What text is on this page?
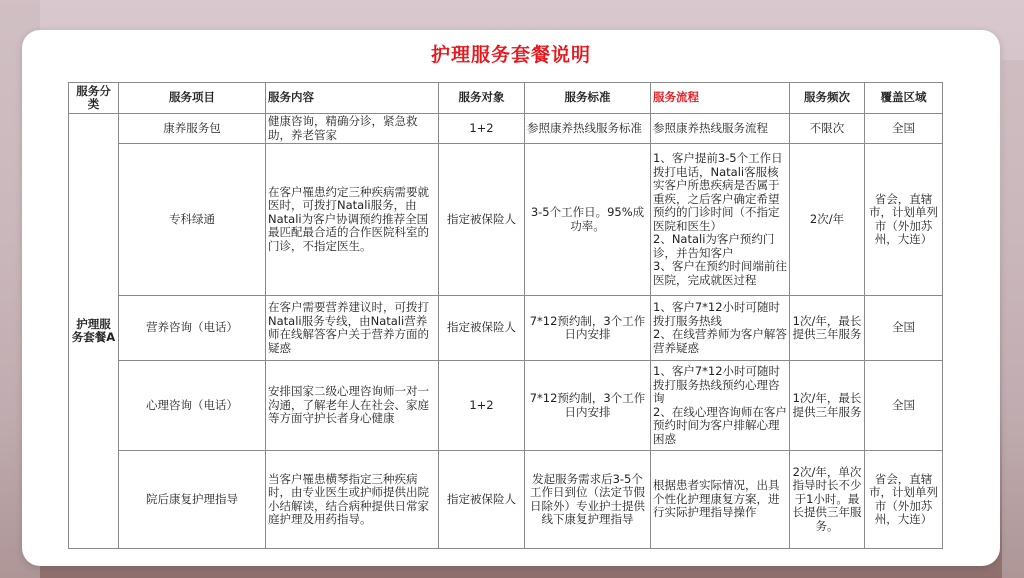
护理服务套餐说明
服务分类	服务项目	服务内容	服务对象	服务标准	服务流程	服务频次	覆盖区域
护理服务套餐A	康养服务包	健康咨询，精确分诊，紧急救助，养老管家	1+2	参照康养热线服务标准	参照康养热线服务流程	不限次	全国
	专科绿通	在客户罹患约定三种疾病需要就医时，可拨打Natali服务，由Natali为客户协调预约推荐全国最匹配最合适的合作医院科室的门诊，不指定医生。	指定被保险人	3-5个工作日。95%成功率。	1、客户提前3-5个工作日拨打电话，Natali客服核实客户所患疾病是否属于重疾，之后客户确定希望预约的门诊时间（不指定医院和医生）
2、Natali为客户预约门诊，并告知客户
3、客户在预约时间端前往医院，完成就医过程	2次/年	省会，直辖市，计划单列市（外加苏州，大连）
	营养咨询（电话）	在客户需要营养建议时，可拨打Natali服务专线，由Natali营养师在线解答客户关于营养方面的疑惑	指定被保险人	7*12预约制，3个工作日内安排	1、客户7*12小时可随时拨打服务热线
2、在线营养师为客户解答营养疑惑	1次/年，最长提供三年服务	全国
	心理咨询（电话）	安排国家二级心理咨询师一对一沟通，了解老年人在社会、家庭等方面守护长者身心健康	1+2	7*12预约制，3个工作日内安排	1、客户7*12小时可随时拨打服务热线预约心理咨询
2、在线心理咨询师在客户预约时间为客户排解心理困惑	1次/年，最长提供三年服务	全国
	院后康复护理指导	当客户罹患横琴指定三种疾病时，由专业医生或护师提供出院小结解读，结合病种提供日常家庭护理及用药指导。	指定被保险人	发起服务需求后3-5个工作日到位（法定节假日除外）专业护士提供线下康复护理指导	根据患者实际情况，出具个性化护理康复方案，进行实际护理指导操作	2次/年，单次指导时长不少于1小时。最长提供三年服务。	省会，直辖市，计划单列市（外加苏州，大连）
